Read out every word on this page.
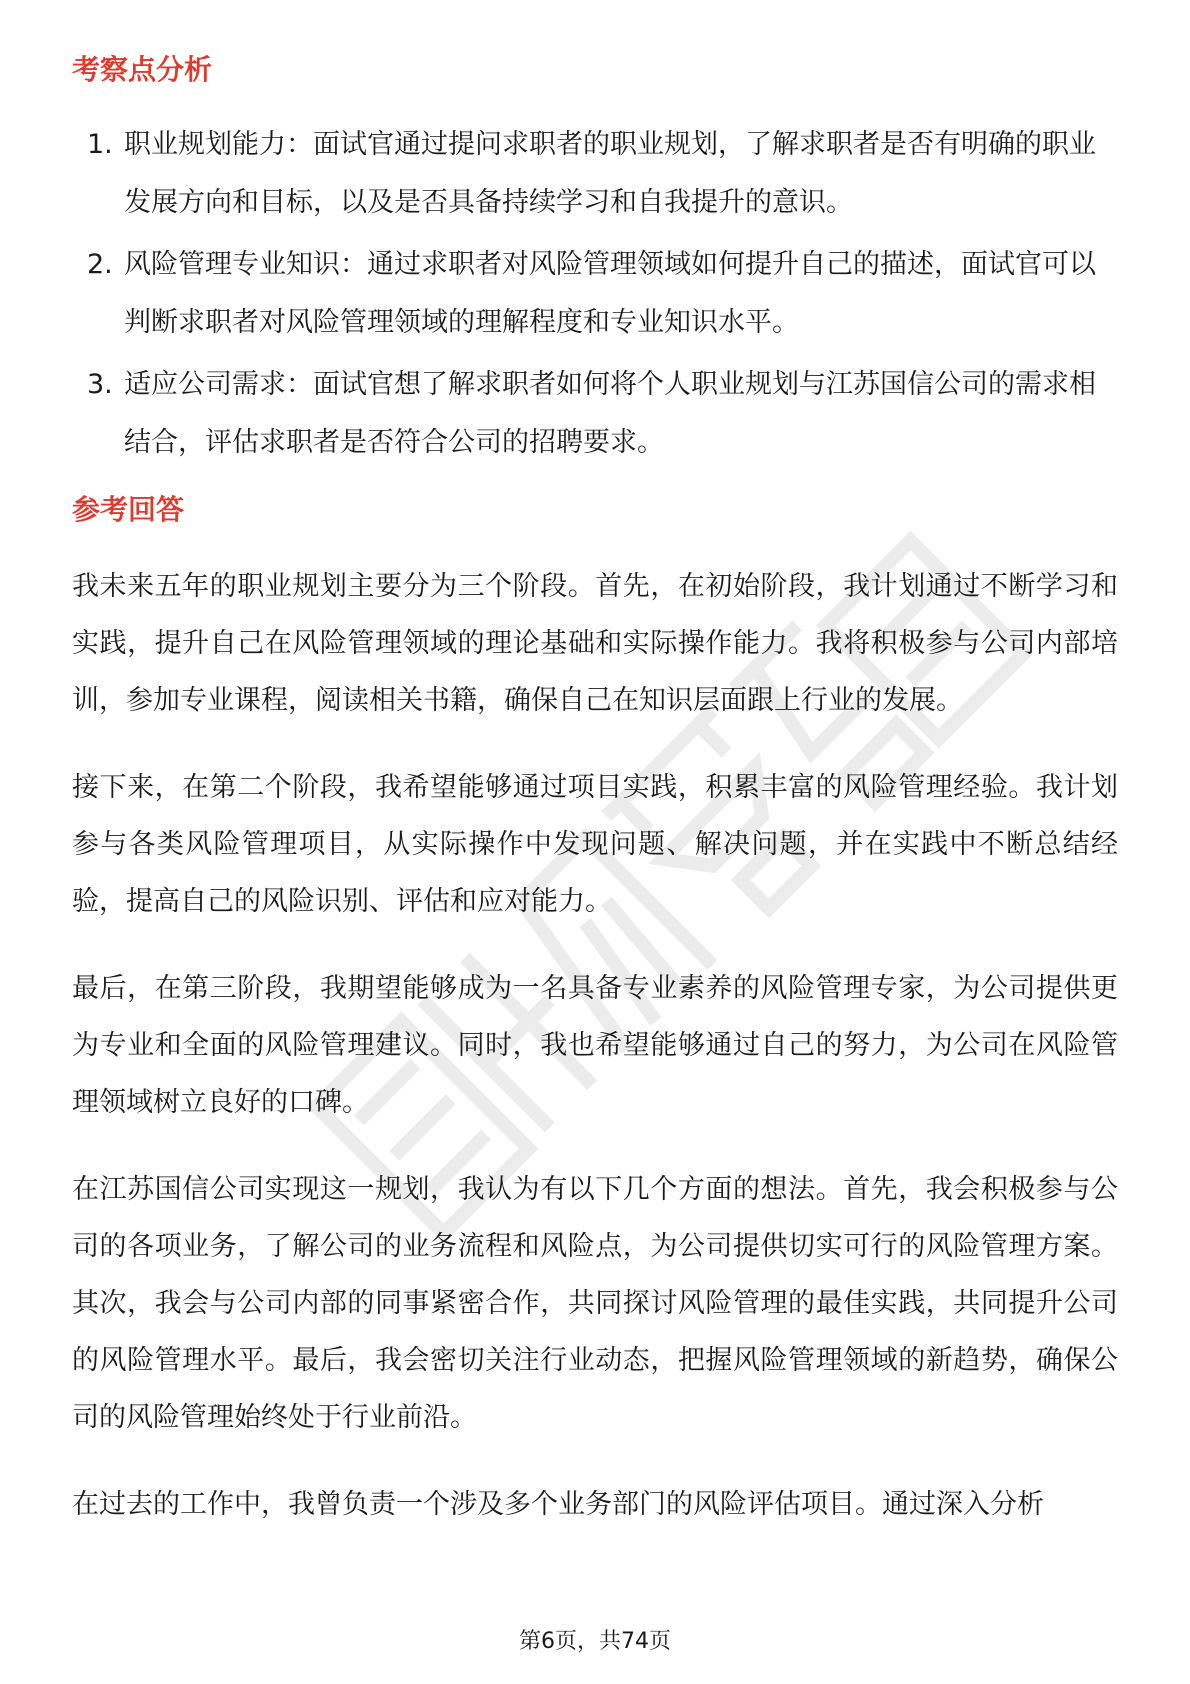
考察点分析
1. 职业规划能力：面试官通过提问求职者的职业规划，了解求职者是否有明确的职业发展方向和目标，以及是否具备持续学习和自我提升的意识。
2. 风险管理专业知识：通过求职者对风险管理领域如何提升自己的描述，面试官可以判断求职者对风险管理领域的理解程度和专业知识水平。
3. 适应公司需求：面试官想了解求职者如何将个人职业规划与江苏国信公司的需求相结合，评估求职者是否符合公司的招聘要求。
参考回答

我未来五年的职业规划主要分为三个阶段。首先，在初始阶段，我计划通过不断学习和实践，提升自己在风险管理领域的理论基础和实际操作能力。我将积极参与公司内部培训，参加专业课程，阅读相关书籍，确保自己在知识层面跟上行业的发展。

接下来，在第二个阶段，我希望能够通过项目实践，积累丰富的风险管理经验。我计划参与各类风险管理项目，从实际操作中发现问题、解决问题，并在实践中不断总结经验，提高自己的风险识别、评估和应对能力。

最后，在第三阶段，我期望能够成为一名具备专业素养的风险管理专家，为公司提供更为专业和全面的风险管理建议。同时，我也希望能够通过自己的努力，为公司在风险管理领域树立良好的口碑。

在江苏国信公司实现这一规划，我认为有以下几个方面的想法。首先，我会积极参与公司的各项业务，了解公司的业务流程和风险点，为公司提供切实可行的风险管理方案。其次，我会与公司内部的同事紧密合作，共同探讨风险管理的最佳实践，共同提升公司的风险管理水平。最后，我会密切关注行业动态，把握风险管理领域的新趋势，确保公司的风险管理始终处于行业前沿。

在过去的工作中，我曾负责一个涉及多个业务部门的风险评估项目。通过深入分析

第6页，共74页
